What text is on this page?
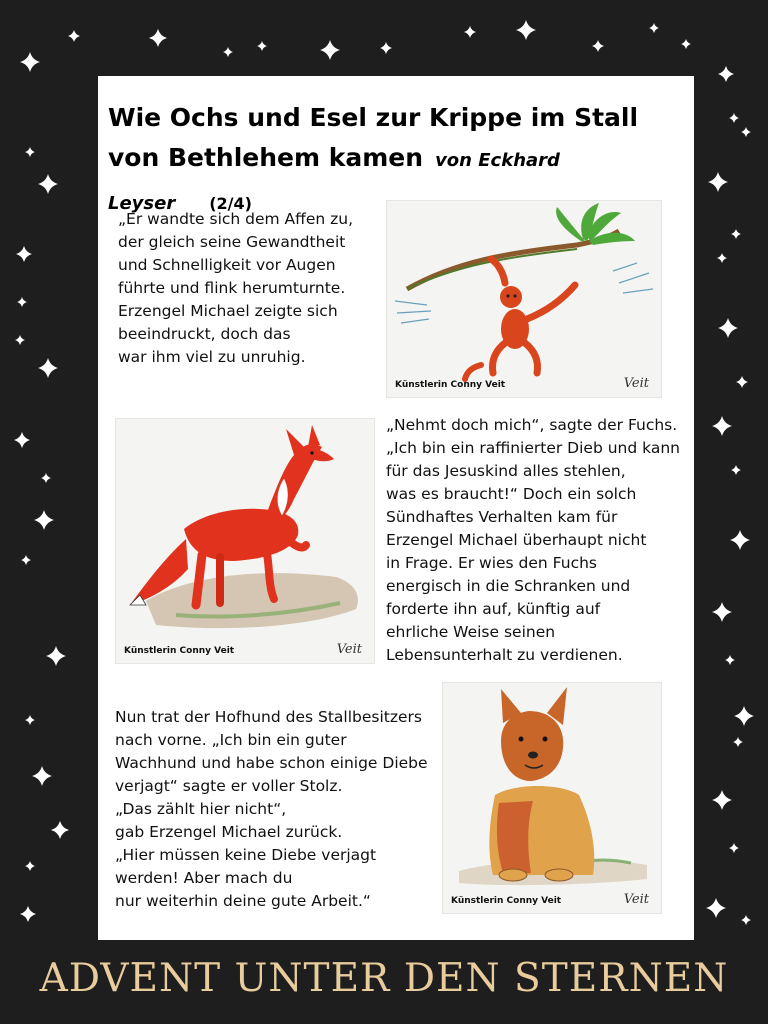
Wie Ochs und Esel zur Krippe im Stall von Bethlehem kamen von Eckhard Leyser (2/4)

„Er wandte sich dem Affen zu,
der gleich seine Gewandtheit
und Schnelligkeit vor Augen
führte und flink herumturnte.
Erzengel Michael zeigte sich
beeindruckt, doch das
war ihm viel zu unruhig.

Künstlerin Conny Veit	Veit
Künstlerin Conny Veit	Veit

„Nehmt doch mich“, sagte der Fuchs.
„Ich bin ein raffinierter Dieb und kann
für das Jesuskind alles stehlen,
was es braucht!“ Doch ein solch
Sündhaftes Verhalten kam für
Erzengel Michael überhaupt nicht
in Frage. Er wies den Fuchs
energisch in die Schranken und
forderte ihn auf, künftig auf
ehrliche Weise seinen
Lebensunterhalt zu verdienen.

Nun trat der Hofhund des Stallbesitzers
nach vorne. „Ich bin ein guter
Wachhund und habe schon einige Diebe
verjagt“ sagte er voller Stolz.
„Das zählt hier nicht“,
gab Erzengel Michael zurück.
„Hier müssen keine Diebe verjagt
werden! Aber mach du
nur weiterhin deine gute Arbeit.“	Künstlerin Conny Veit	Veit

ADVENT UNTER DEN STERNEN
